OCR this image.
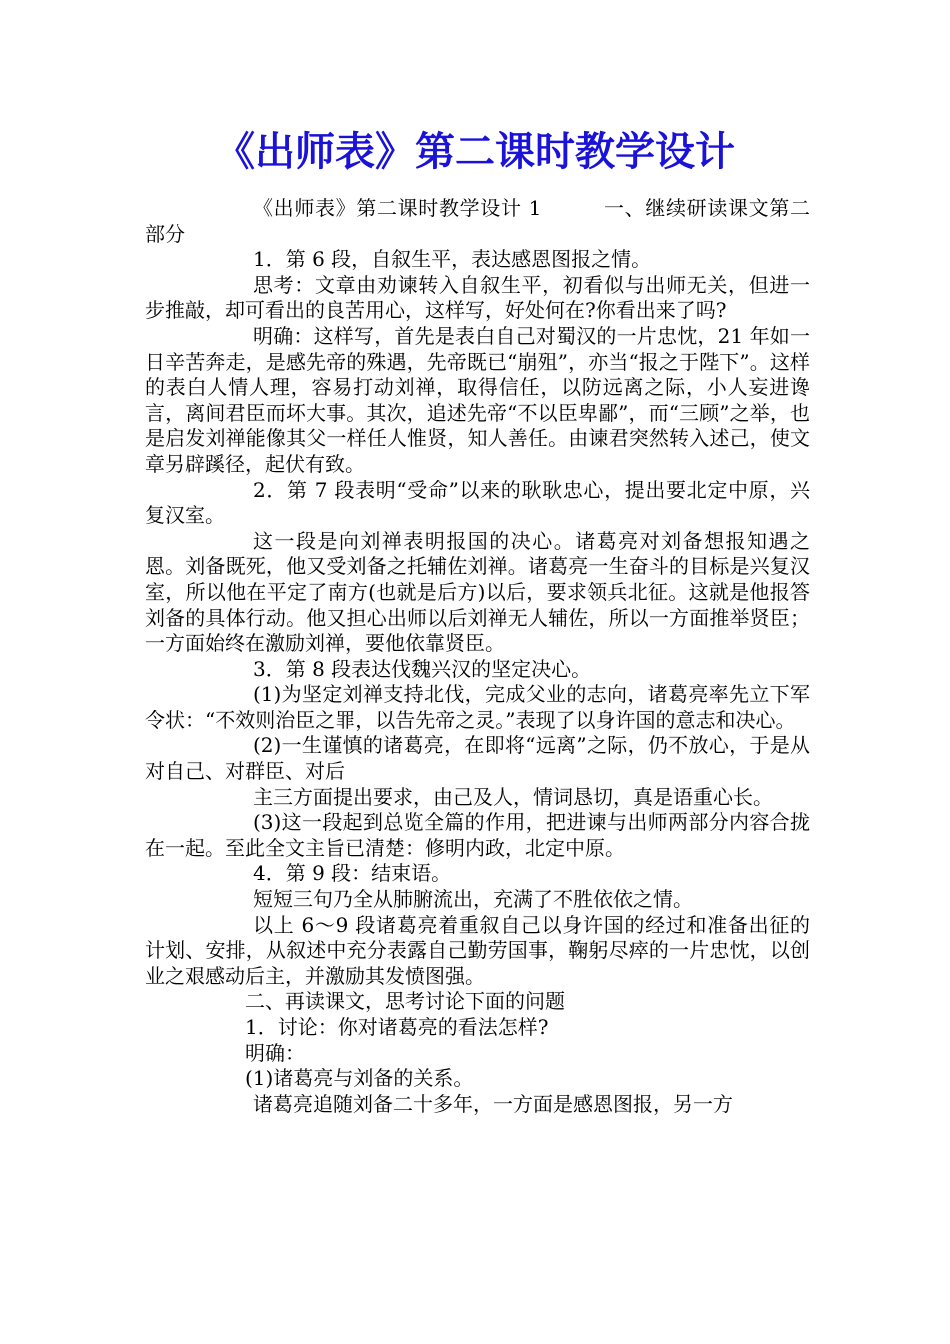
《出师表》第二课时教学设计

《出师表》第二课时教学设计 1　　　一、继续研读课文第二部分

1．第 6 段，自叙生平，表达感恩图报之情。

思考：文章由劝谏转入自叙生平，初看似与出师无关，但进一步推敲，却可看出的良苦用心，这样写，好处何在?你看出来了吗?

明确：这样写，首先是表白自己对蜀汉的一片忠忱，21 年如一日辛苦奔走，是感先帝的殊遇，先帝既已“崩殂”，亦当“报之于陛下”。这样的表白人情人理，容易打动刘禅，取得信任，以防远离之际，小人妄进谗言，离间君臣而坏大事。其次，追述先帝“不以臣卑鄙”，而“三顾”之举，也是启发刘禅能像其父一样任人惟贤，知人善任。由谏君突然转入述己，使文章另辟蹊径，起伏有致。

2．第 7 段表明“受命”以来的耿耿忠心，提出要北定中原，兴复汉室。

这一段是向刘禅表明报国的决心。诸葛亮对刘备想报知遇之恩。刘备既死，他又受刘备之托辅佐刘禅。诸葛亮一生奋斗的目标是兴复汉室，所以他在平定了南方(也就是后方)以后，要求领兵北征。这就是他报答刘备的具体行动。他又担心出师以后刘禅无人辅佐，所以一方面推举贤臣；一方面始终在激励刘禅，要他依靠贤臣。

3．第 8 段表达伐魏兴汉的坚定决心。

(1)为坚定刘禅支持北伐，完成父业的志向，诸葛亮率先立下军令状：“不效则治臣之罪，以告先帝之灵。”表现了以身许国的意志和决心。

(2)一生谨慎的诸葛亮，在即将“远离”之际，仍不放心，于是从对自己、对群臣、对后

主三方面提出要求，由己及人，情词恳切，真是语重心长。

(3)这一段起到总览全篇的作用，把进谏与出师两部分内容合拢在一起。至此全文主旨已清楚：修明内政，北定中原。

4．第 9 段：结束语。

短短三句乃全从肺腑流出，充满了不胜依依之情。

以上 6～9 段诸葛亮着重叙自己以身许国的经过和准备出征的计划、安排，从叙述中充分表露自己勤劳国事，鞠躬尽瘁的一片忠忱，以创业之艰感动后主，并激励其发愤图强。

二、再读课文，思考讨论下面的问题

1．讨论：你对诸葛亮的看法怎样?

明确：

(1)诸葛亮与刘备的关系。

诸葛亮追随刘备二十多年，一方面是感恩图报，另一方
